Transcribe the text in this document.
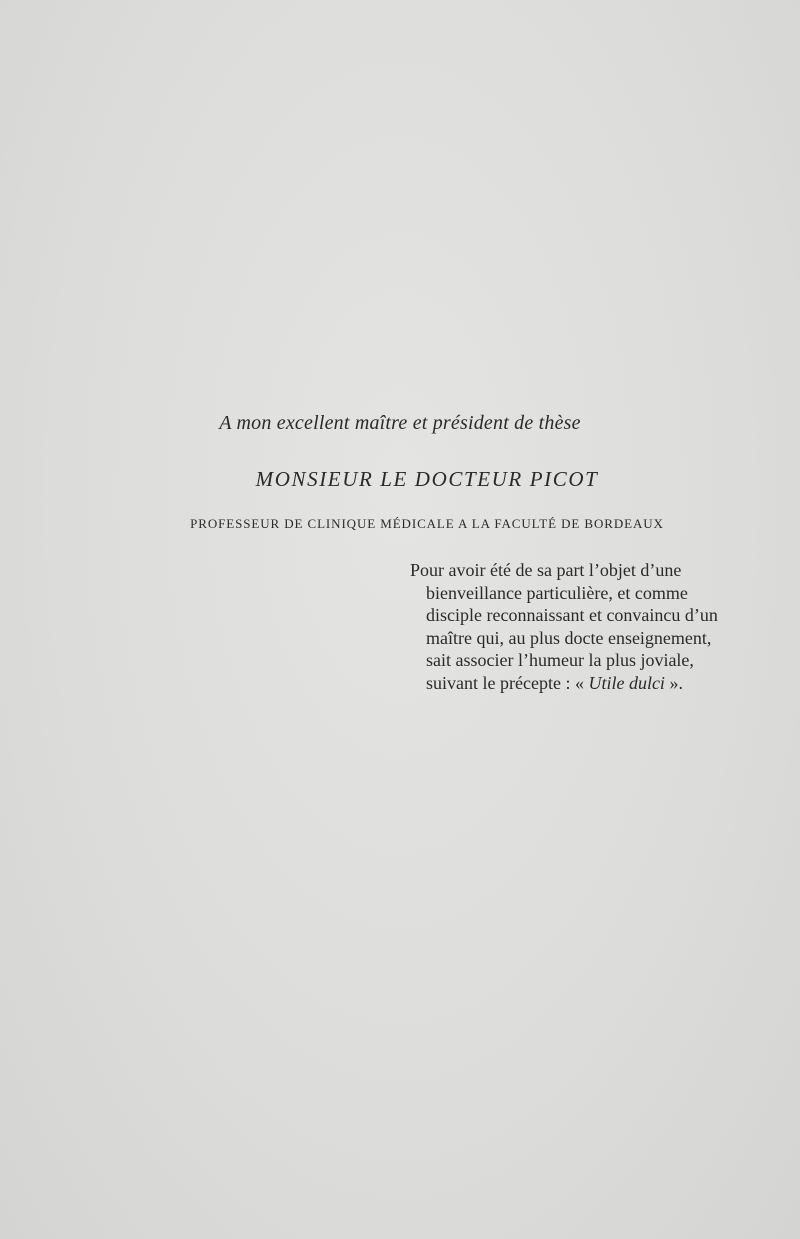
A mon excellent maître et président de thèse

MONSIEUR LE DOCTEUR PICOT

PROFESSEUR DE CLINIQUE MÉDICALE A LA FACULTÉ DE BORDEAUX

Pour avoir été de sa part l’objet d’une
bienveillance particulière, et comme
disciple reconnaissant et convaincu d’un
maître qui, au plus docte enseignement,
sait associer l’humeur la plus joviale,
suivant le précepte : « Utile dulci ».
